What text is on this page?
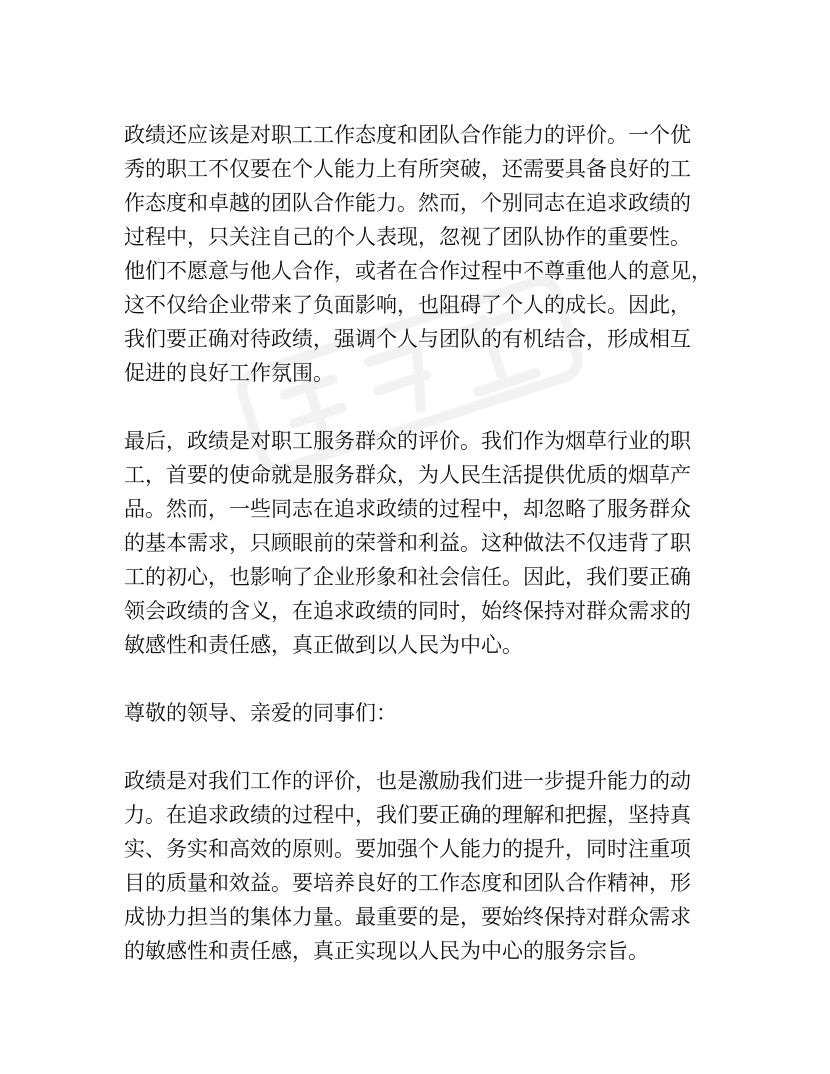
政绩还应该是对职工工作态度和团队合作能力的评价。一个优
秀的职工不仅要在个人能力上有所突破，还需要具备良好的工
作态度和卓越的团队合作能力。然而，个别同志在追求政绩的
过程中，只关注自己的个人表现，忽视了团队协作的重要性。
他们不愿意与他人合作，或者在合作过程中不尊重他人的意见，
这不仅给企业带来了负面影响，也阻碍了个人的成长。因此，
我们要正确对待政绩，强调个人与团队的有机结合，形成相互
促进的良好工作氛围。
最后，政绩是对职工服务群众的评价。我们作为烟草行业的职
工，首要的使命就是服务群众，为人民生活提供优质的烟草产
品。然而，一些同志在追求政绩的过程中，却忽略了服务群众
的基本需求，只顾眼前的荣誉和利益。这种做法不仅违背了职
工的初心，也影响了企业形象和社会信任。因此，我们要正确
领会政绩的含义，在追求政绩的同时，始终保持对群众需求的
敏感性和责任感，真正做到以人民为中心。
尊敬的领导、亲爱的同事们：
政绩是对我们工作的评价，也是激励我们进一步提升能力的动
力。在追求政绩的过程中，我们要正确的理解和把握，坚持真
实、务实和高效的原则。要加强个人能力的提升，同时注重项
目的质量和效益。要培养良好的工作态度和团队合作精神，形
成协力担当的集体力量。最重要的是，要始终保持对群众需求
的敏感性和责任感，真正实现以人民为中心的服务宗旨。
